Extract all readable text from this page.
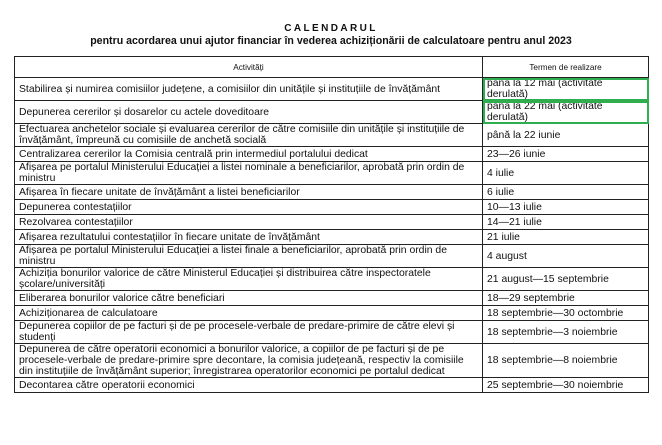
CALENDARUL
pentru acordarea unui ajutor financiar în vederea achiziționării de calculatoare pentru anul 2023
Activități	Termen de realizare
Stabilirea și numirea comisiilor județene, a comisiilor din unitățile și instituțiile de învățământ	până la 12 mai (activitate derulată)
Depunerea cererilor și dosarelor cu actele doveditoare	până la 22 mai (activitate derulată)
Efectuarea anchetelor sociale și evaluarea cererilor de către comisiile din unitățile și instituțiile de învățământ, împreună cu comisiile de anchetă socială	până la 22 iunie
Centralizarea cererilor la Comisia centrală prin intermediul portalului dedicat	23—26 iunie
Afișarea pe portalul Ministerului Educației a listei nominale a beneficiarilor, aprobată prin ordin de ministru	4 iulie
Afișarea în fiecare unitate de învățământ a listei beneficiarilor	6 iulie
Depunerea contestațiilor	10—13 iulie
Rezolvarea contestațiilor	14—21 iulie
Afișarea rezultatului contestațiilor în fiecare unitate de învățământ	21 iulie
Afișarea pe portalul Ministerului Educației a listei finale a beneficiarilor, aprobată prin ordin de ministru	4 august
Achiziția bonurilor valorice de către Ministerul Educației și distribuirea către inspectoratele școlare/universități	21 august—15 septembrie
Eliberarea bonurilor valorice către beneficiari	18—29 septembrie
Achiziționarea de calculatoare	18 septembrie—30 octombrie
Depunerea copiilor de pe facturi și de pe procesele-verbale de predare-primire de către elevi și studenți	18 septembrie—3 noiembrie
Depunerea de către operatorii economici a bonurilor valorice, a copiilor de pe facturi și de pe procesele-verbale de predare-primire spre decontare, la comisia județeană, respectiv la comisiile din instituțiile de învățământ superior; înregistrarea operatorilor economici pe portalul dedicat	18 septembrie—8 noiembrie
Decontarea către operatorii economici	25 septembrie—30 noiembrie
